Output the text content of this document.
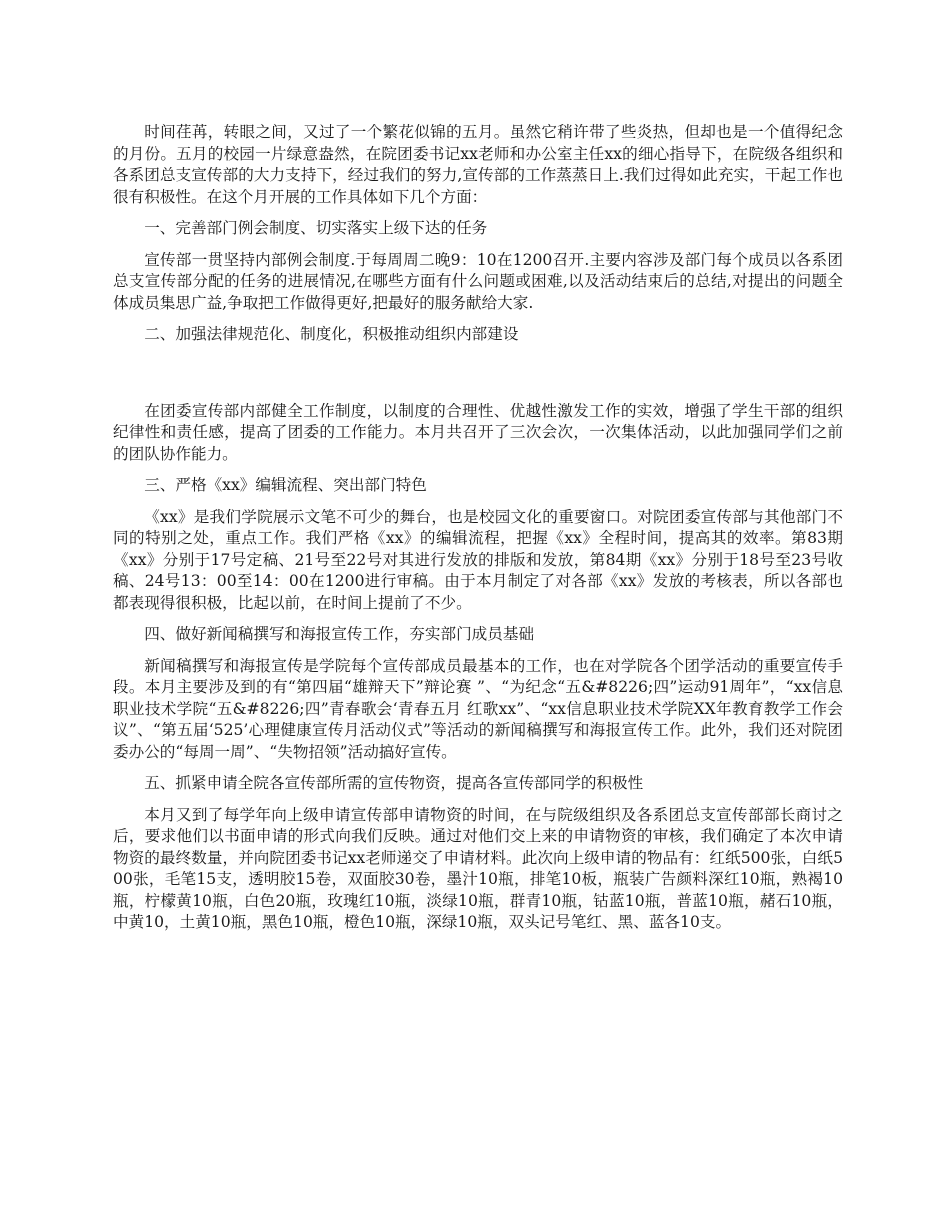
时间荏苒，转眼之间，又过了一个繁花似锦的五月。虽然它稍许带了些炎热，但却也是一个值得纪念的月份。五月的校园一片绿意盎然，在院团委书记xx老师和办公室主任xx的细心指导下，在院级各组织和各系团总支宣传部的大力支持下，经过我们的努力,宣传部的工作蒸蒸日上.我们过得如此充实，干起工作也很有积极性。在这个月开展的工作具体如下几个方面：

一、完善部门例会制度、切实落实上级下达的任务

宣传部一贯坚持内部例会制度.于每周周二晚9：10在1200召开.主要内容涉及部门每个成员以各系团总支宣传部分配的任务的进展情况,在哪些方面有什么问题或困难,以及活动结束后的总结,对提出的问题全体成员集思广益,争取把工作做得更好,把最好的服务献给大家.

二、加强法律规范化、制度化，积极推动组织内部建设

在团委宣传部内部健全工作制度，以制度的合理性、优越性激发工作的实效，增强了学生干部的组织纪律性和责任感，提高了团委的工作能力。本月共召开了三次会次，一次集体活动，以此加强同学们之前的团队协作能力。

三、严格《xx》编辑流程、突出部门特色

《xx》是我们学院展示文笔不可少的舞台，也是校园文化的重要窗口。对院团委宣传部与其他部门不同的特别之处，重点工作。我们严格《xx》的编辑流程，把握《xx》全程时间，提高其的效率。第83期《xx》分别于17号定稿、21号至22号对其进行发放的排版和发放，第84期《xx》分别于18号至23号收稿、24号13：00至14：00在1200进行审稿。由于本月制定了对各部《xx》发放的考核表，所以各部也都表现得很积极，比起以前，在时间上提前了不少。

四、做好新闻稿撰写和海报宣传工作，夯实部门成员基础

新闻稿撰写和海报宣传是学院每个宣传部成员最基本的工作，也在对学院各个团学活动的重要宣传手段。本月主要涉及到的有“第四届“雄辩天下”辩论赛 ”、“为纪念“五&#8226;四”运动91周年”，“xx信息职业技术学院“五&#8226;四”青春歌会‘青春五月 红歌xx”、“xx信息职业技术学院XX年教育教学工作会议”、“第五届‘525’心理健康宣传月活动仪式”等活动的新闻稿撰写和海报宣传工作。此外，我们还对院团委办公的“每周一周”、“失物招领”活动搞好宣传。

五、抓紧申请全院各宣传部所需的宣传物资，提高各宣传部同学的积极性

本月又到了每学年向上级申请宣传部申请物资的时间，在与院级组织及各系团总支宣传部部长商讨之后，要求他们以书面申请的形式向我们反映。通过对他们交上来的申请物资的审核，我们确定了本次申请物资的最终数量，并向院团委书记xx老师递交了申请材料。此次向上级申请的物品有：红纸500张，白纸500张，毛笔15支，透明胶15卷，双面胶30卷，墨汁10瓶，排笔10板，瓶装广告颜料深红10瓶，熟褐10瓶，柠檬黄10瓶，白色20瓶，玫瑰红10瓶，淡绿10瓶，群青10瓶，钴蓝10瓶，普蓝10瓶，赭石10瓶，中黄10，土黄10瓶，黑色10瓶，橙色10瓶，深绿10瓶，双头记号笔红、黑、蓝各10支。
